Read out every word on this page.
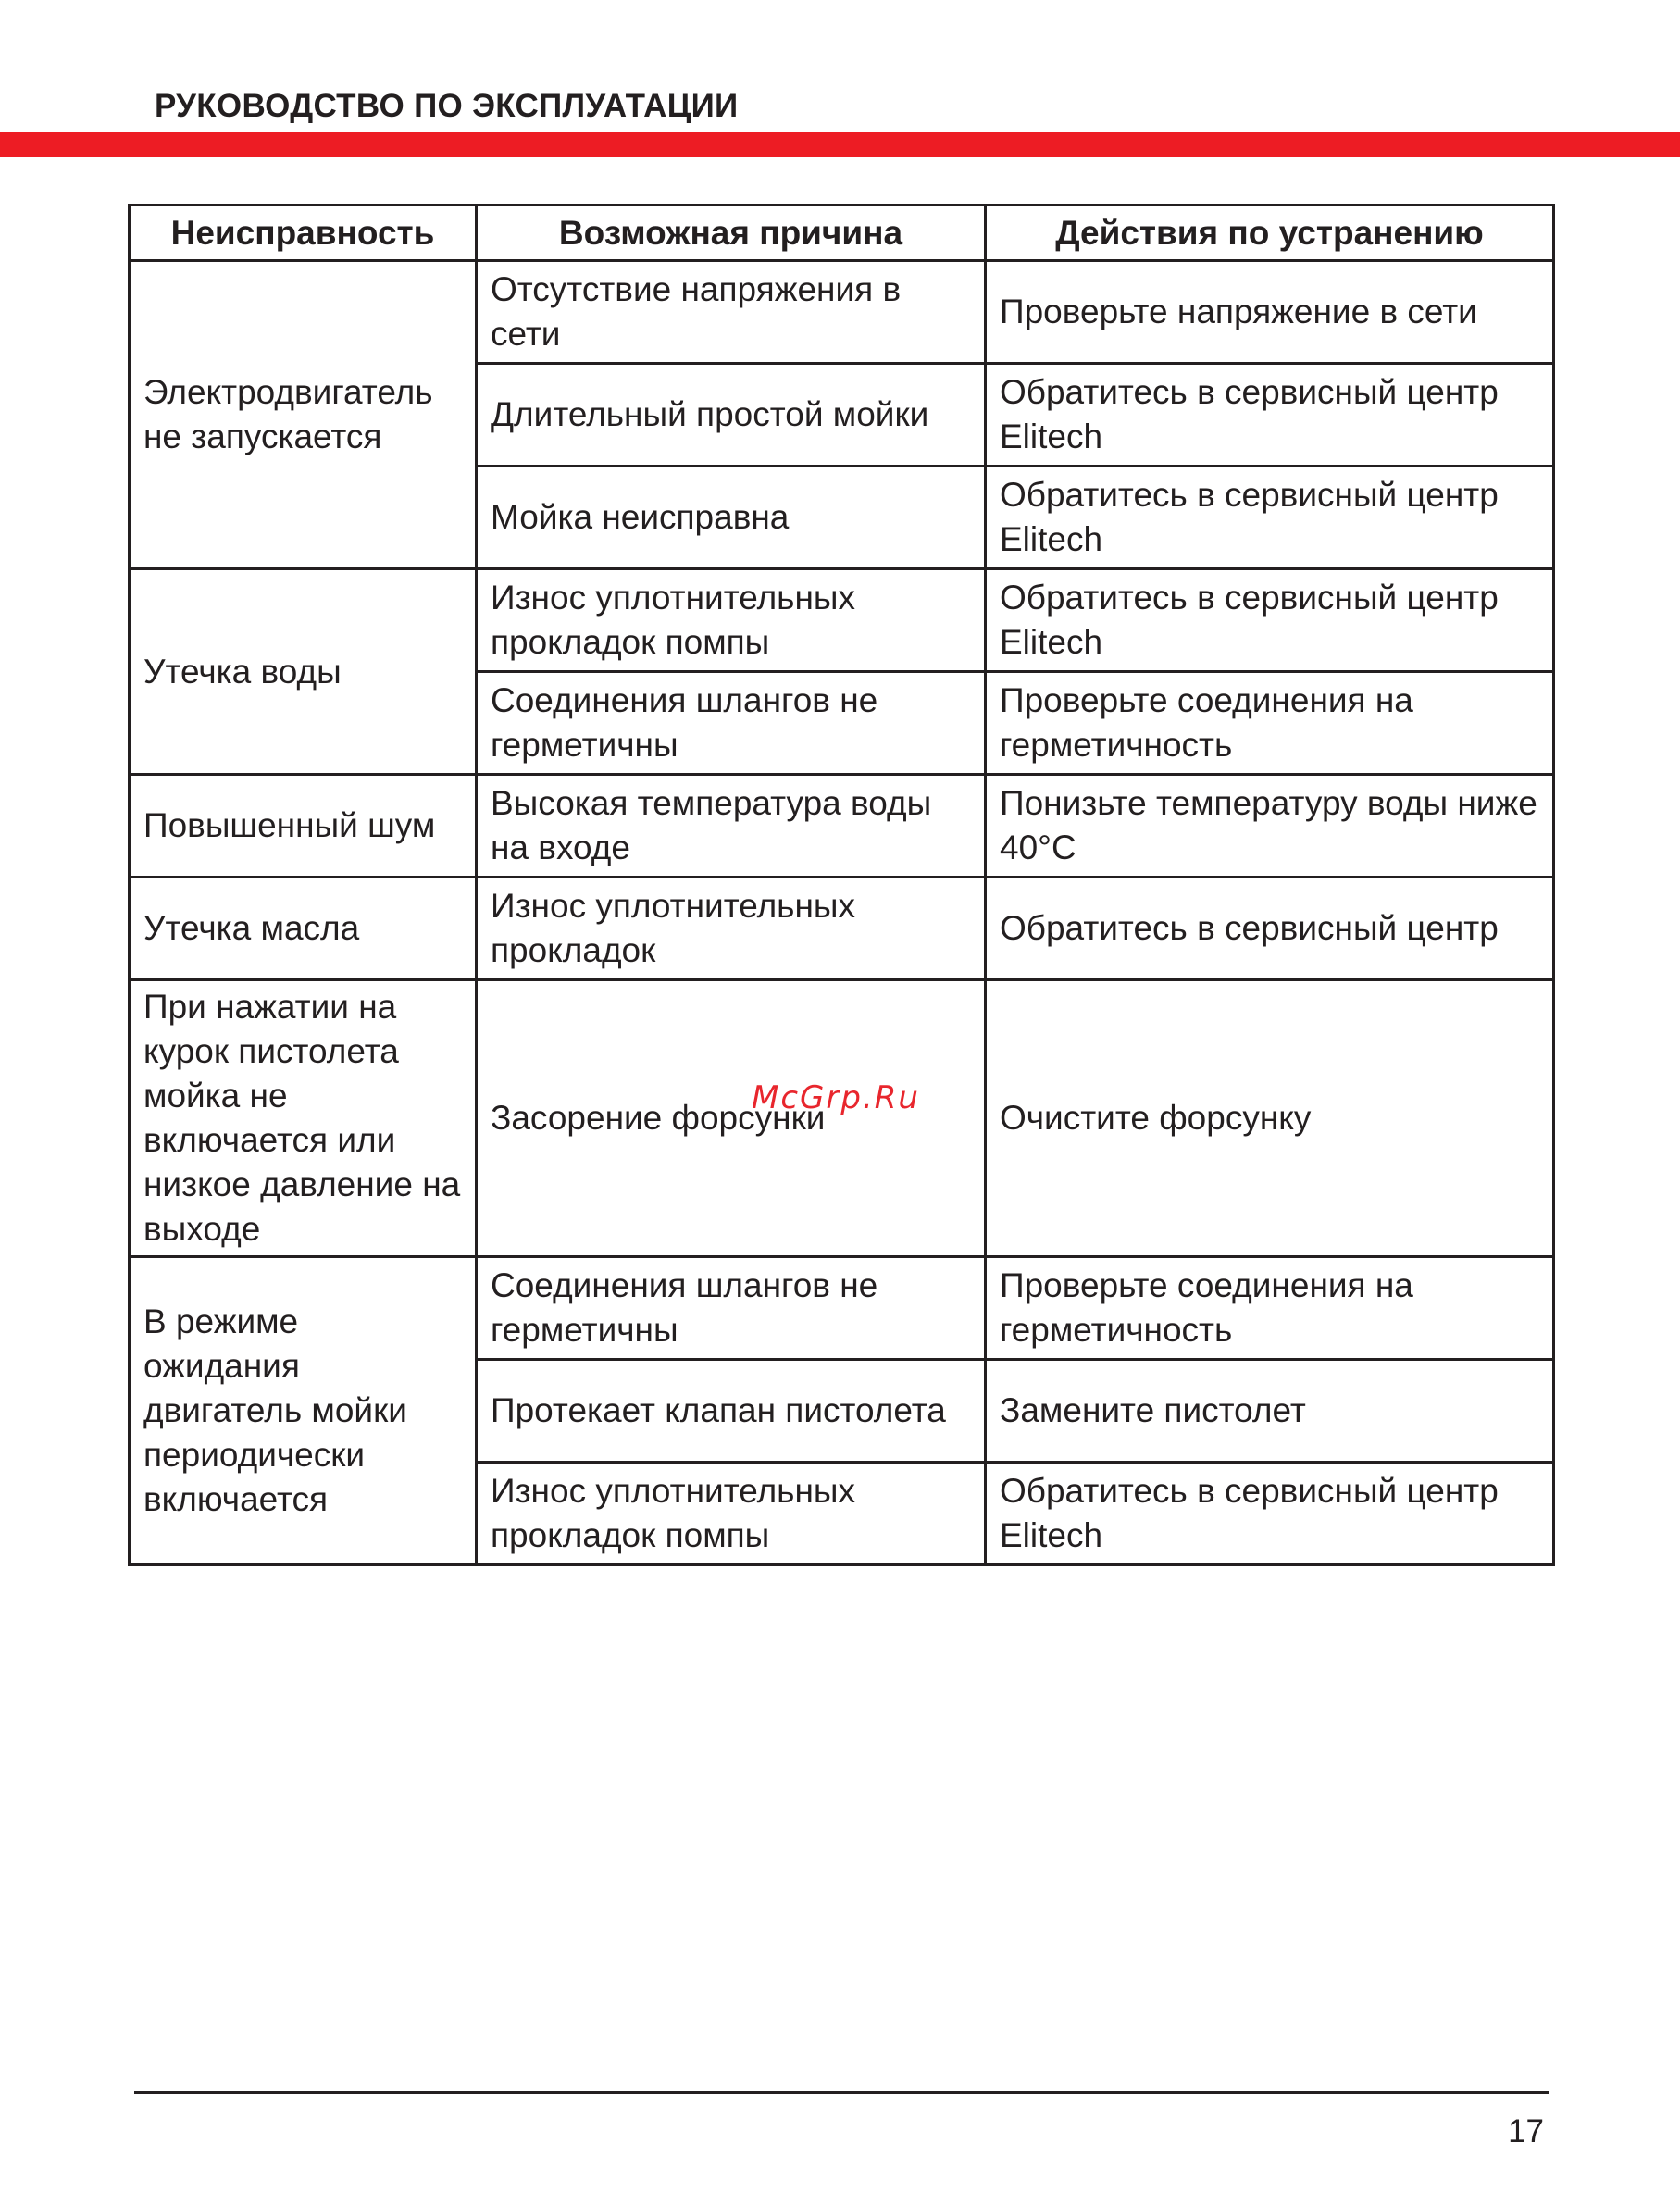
РУКОВОДСТВО ПО ЭКСПЛУАТАЦИИ
Неисправность	Возможная причина	Действия по устранению
Электродвигатель не запускается	Отсутствие напряжения в сети	Проверьте напряжение в сети
	Длительный простой мойки	Обратитесь в сервисный центр Elitech
	Мойка неисправна	Обратитесь в сервисный центр Elitech
Утечка воды	Износ уплотнительных прокладок помпы	Обратитесь в сервисный центр Elitech
	Соединения шлангов не герметичны	Проверьте соединения на герметичность
Повышенный шум	Высокая температура воды на входе	Понизьте температуру воды ниже 40°C
Утечка масла	Износ уплотнительных прокладок	Обратитесь в сервисный центр
При нажатии на курок пистолета мойка не включается или низкое давление на выходе	Засорение форсунки	Очистите форсунку
В режиме ожидания двигатель мойки периодически включается	Соединения шлангов не герметичны	Проверьте соединения на герметичность
	Протекает клапан пистолета	Замените пистолет
	Износ уплотнительных прокладок помпы	Обратитесь в сервисный центр Elitech
McGrp.Ru
17
